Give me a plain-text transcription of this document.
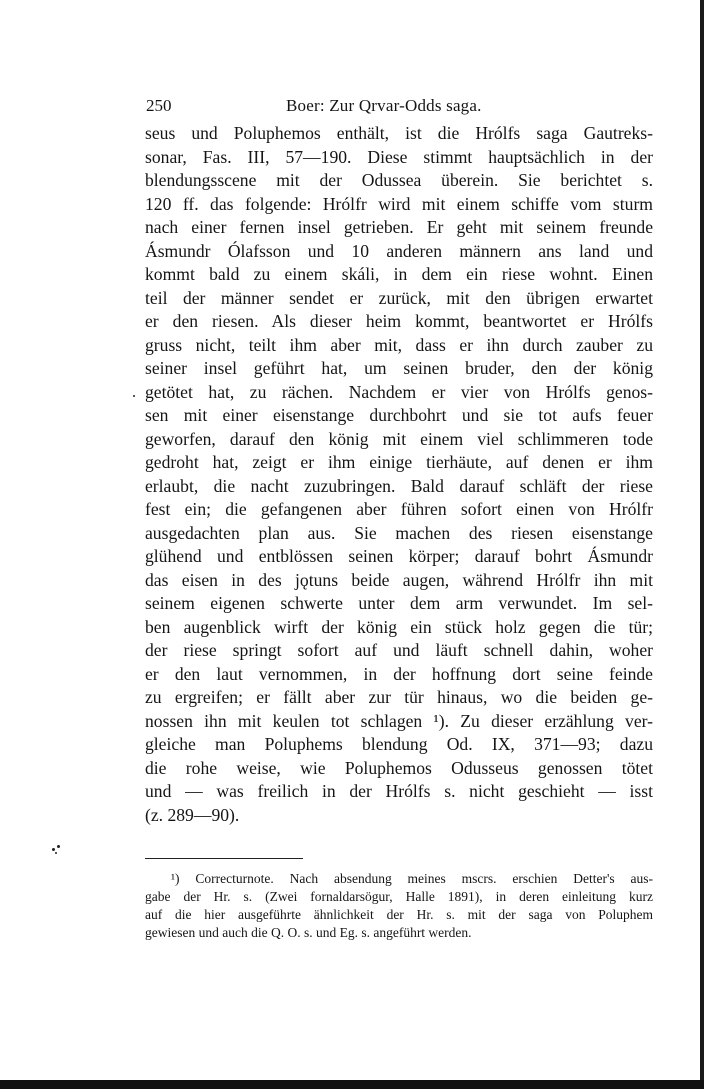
250	Boer: Zur Qrvar-Odds saga.
seus und Poluphemos enthält, ist die Hrólfs saga Gautreks-
sonar, Fas. III, 57—190. Diese stimmt hauptsächlich in der
blendungsscene mit der Odussea überein. Sie berichtet s.
120 ff. das folgende: Hrólfr wird mit einem schiffe vom sturm
nach einer fernen insel getrieben. Er geht mit seinem freunde
Ásmundr Ólafsson und 10 anderen männern ans land und
kommt bald zu einem skáli, in dem ein riese wohnt. Einen
teil der männer sendet er zurück, mit den übrigen erwartet
er den riesen. Als dieser heim kommt, beantwortet er Hrólfs
gruss nicht, teilt ihm aber mit, dass er ihn durch zauber zu
seiner insel geführt hat, um seinen bruder, den der könig
getötet hat, zu rächen. Nachdem er vier von Hrólfs genos-
sen mit einer eisenstange durchbohrt und sie tot aufs feuer
geworfen, darauf den könig mit einem viel schlimmeren tode
gedroht hat, zeigt er ihm einige tierhäute, auf denen er ihm
erlaubt, die nacht zuzubringen. Bald darauf schläft der riese
fest ein; die gefangenen aber führen sofort einen von Hrólfr
ausgedachten plan aus. Sie machen des riesen eisenstange
glühend und entblössen seinen körper; darauf bohrt Ásmundr
das eisen in des jǫtuns beide augen, während Hrólfr ihn mit
seinem eigenen schwerte unter dem arm verwundet. Im sel-
ben augenblick wirft der könig ein stück holz gegen die tür;
der riese springt sofort auf und läuft schnell dahin, woher
er den laut vernommen, in der hoffnung dort seine feinde
zu ergreifen; er fällt aber zur tür hinaus, wo die beiden ge-
nossen ihn mit keulen tot schlagen ¹). Zu dieser erzählung ver-
gleiche man Poluphems blendung Od. IX, 371—93; dazu
die rohe weise, wie Poluphemos Odusseus genossen tötet
und — was freilich in der Hrólfs s. nicht geschieht — isst
(z. 289—90).
¹) Correcturnote. Nach absendung meines mscrs. erschien Detter's aus-
gabe der Hr. s. (Zwei fornaldarsögur, Halle 1891), in deren einleitung kurz
auf die hier ausgeführte ähnlichkeit der Hr. s. mit der saga von Poluphem
gewiesen und auch die Q. O. s. und Eg. s. angeführt werden.
